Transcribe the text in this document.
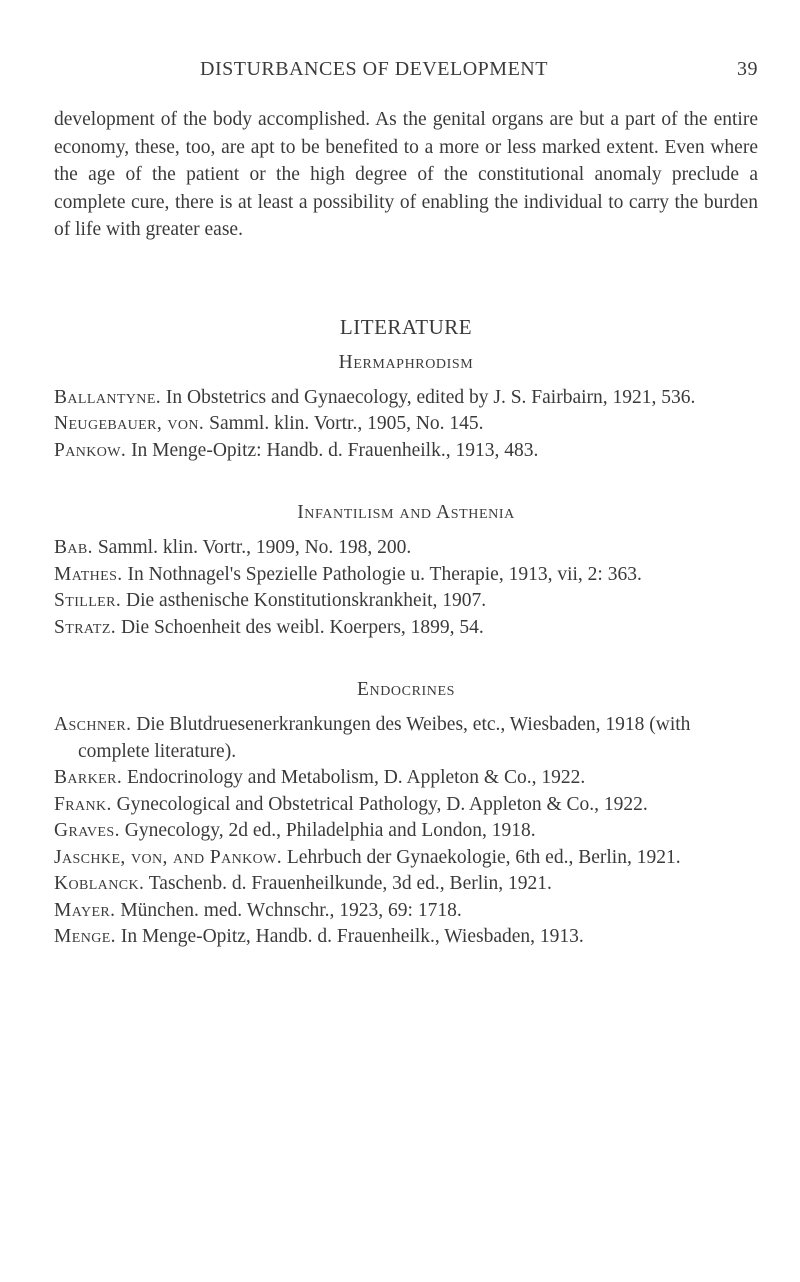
DISTURBANCES OF DEVELOPMENT	39

development of the body accomplished. As the genital organs are but a part of the entire economy, these, too, are apt to be benefited to a more or less marked extent. Even where the age of the patient or the high degree of the constitutional anomaly preclude a complete cure, there is at least a possibility of enabling the individual to carry the burden of life with greater ease.

LITERATURE
Hermaphrodism
Ballantyne. In Obstetrics and Gynaecology, edited by J. S. Fairbairn, 1921, 536.
Neugebauer, von. Samml. klin. Vortr., 1905, No. 145.
Pankow. In Menge-Opitz: Handb. d. Frauenheilk., 1913, 483.
Infantilism and Asthenia
Bab. Samml. klin. Vortr., 1909, No. 198, 200.
Mathes. In Nothnagel's Spezielle Pathologie u. Therapie, 1913, vii, 2: 363.
Stiller. Die asthenische Konstitutionskrankheit, 1907.
Stratz. Die Schoenheit des weibl. Koerpers, 1899, 54.
Endocrines
Aschner. Die Blutdruesenerkrankungen des Weibes, etc., Wiesbaden, 1918 (with complete literature).
Barker. Endocrinology and Metabolism, D. Appleton & Co., 1922.
Frank. Gynecological and Obstetrical Pathology, D. Appleton & Co., 1922.
Graves. Gynecology, 2d ed., Philadelphia and London, 1918.
Jaschke, von, and Pankow. Lehrbuch der Gynaekologie, 6th ed., Berlin, 1921.
Koblanck. Taschenb. d. Frauenheilkunde, 3d ed., Berlin, 1921.
Mayer. München. med. Wchnschr., 1923, 69: 1718.
Menge. In Menge-Opitz, Handb. d. Frauenheilk., Wiesbaden, 1913.
